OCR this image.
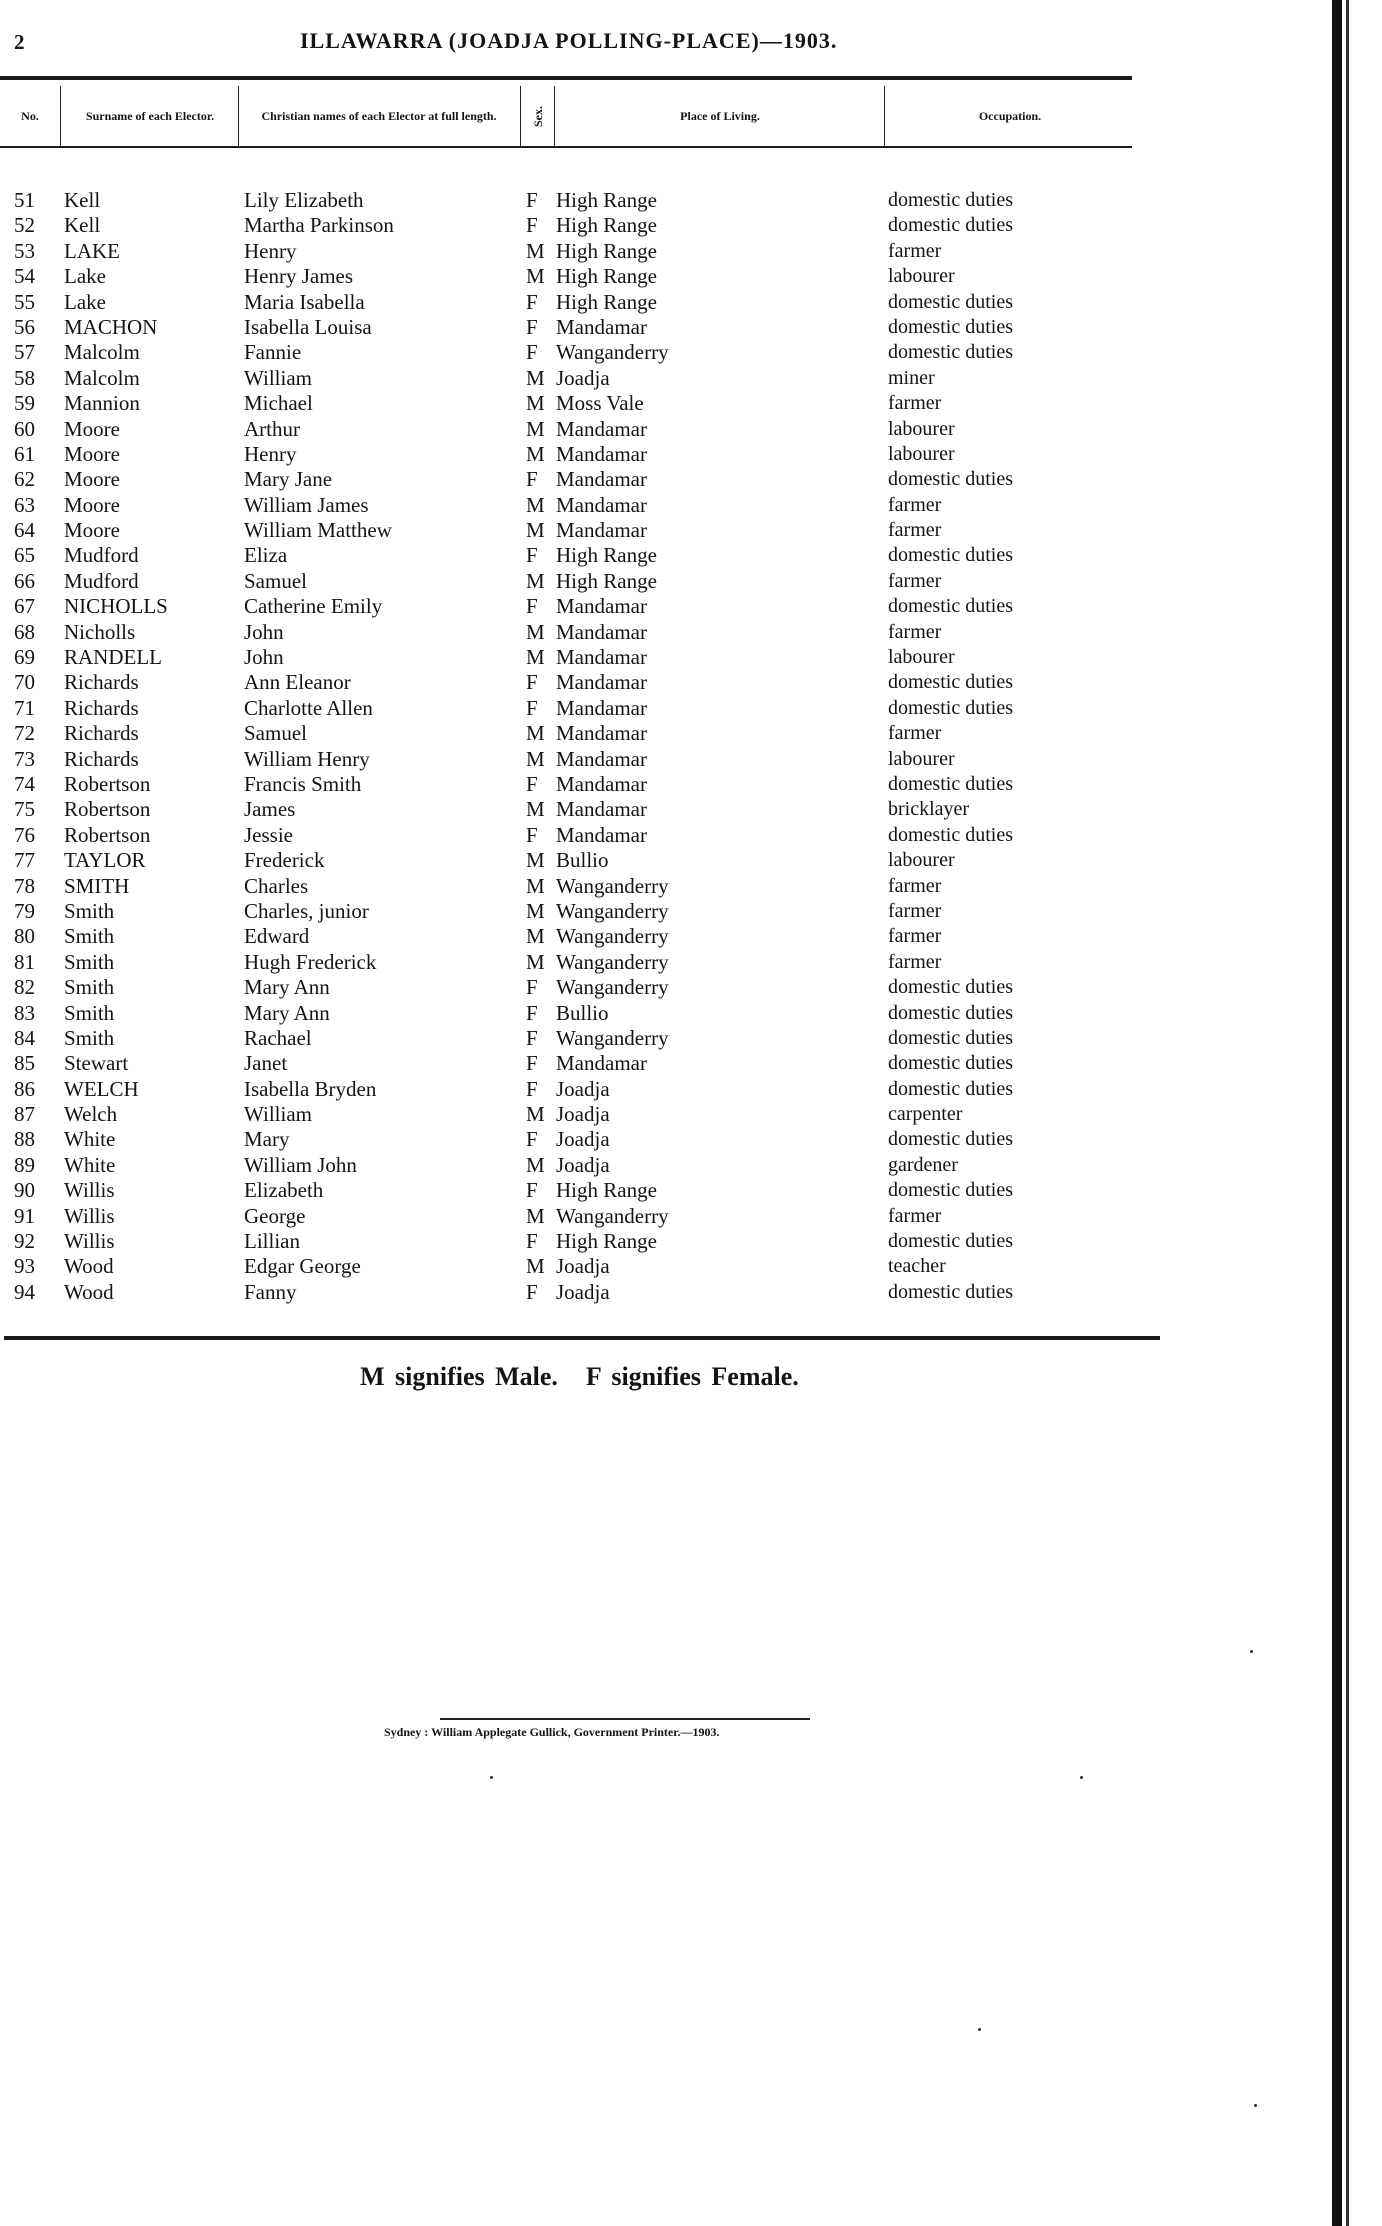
2	ILLAWARRA (JOADJA POLLING-PLACE)—1903.
No.	Surname of each Elector.	Christian names of each Elector at full length.	Sex.	Place of Living.	Occupation.
51 Kell	Lily Elizabeth	F High Range	domestic duties
52 Kell	Martha Parkinson	F High Range	domestic duties
53 LAKE	Henry	M High Range	farmer
54 Lake	Henry James	M High Range	labourer
55 Lake	Maria Isabella	F High Range	domestic duties
56 MACHON	Isabella Louisa	F Mandamar	domestic duties
57 Malcolm	Fannie	F Wanganderry	domestic duties
58 Malcolm	William	M Joadja	miner
59 Mannion	Michael	M Moss Vale	farmer
60 Moore	Arthur	M Mandamar	labourer
61 Moore	Henry	M Mandamar	labourer
62 Moore	Mary Jane	F Mandamar	domestic duties
63 Moore	William James	M Mandamar	farmer
64 Moore	William Matthew	M Mandamar	farmer
65 Mudford	Eliza	F High Range	domestic duties
66 Mudford	Samuel	M High Range	farmer
67 NICHOLLS	Catherine Emily	F Mandamar	domestic duties
68 Nicholls	John	M Mandamar	farmer
69 RANDELL	John	M Mandamar	labourer
70 Richards	Ann Eleanor	F Mandamar	domestic duties
71 Richards	Charlotte Allen	F Mandamar	domestic duties
72 Richards	Samuel	M Mandamar	farmer
73 Richards	William Henry	M Mandamar	labourer
74 Robertson	Francis Smith	F Mandamar	domestic duties
75 Robertson	James	M Mandamar	bricklayer
76 Robertson	Jessie	F Mandamar	domestic duties
77 TAYLOR	Frederick	M Bullio	labourer
78 SMITH	Charles	M Wanganderry	farmer
79 Smith	Charles, junior	M Wanganderry	farmer
80 Smith	Edward	M Wanganderry	farmer
81 Smith	Hugh Frederick	M Wanganderry	farmer
82 Smith	Mary Ann	F Wanganderry	domestic duties
83 Smith	Mary Ann	F Bullio	domestic duties
84 Smith	Rachael	F Wanganderry	domestic duties
85 Stewart	Janet	F Mandamar	domestic duties
86 WELCH	Isabella Bryden	F Joadja	domestic duties
87 Welch	William	M Joadja	carpenter
88 White	Mary	F Joadja	domestic duties
89 White	William John	M Joadja	gardener
90 Willis	Elizabeth	F High Range	domestic duties
91 Willis	George	M Wanganderry	farmer
92 Willis	Lillian	F High Range	domestic duties
93 Wood	Edgar George	M Joadja	teacher
94 Wood	Fanny	F Joadja	domestic duties
M signifies Male. F signifies Female.
Sydney : William Applegate Gullick, Government Printer.—1903.
